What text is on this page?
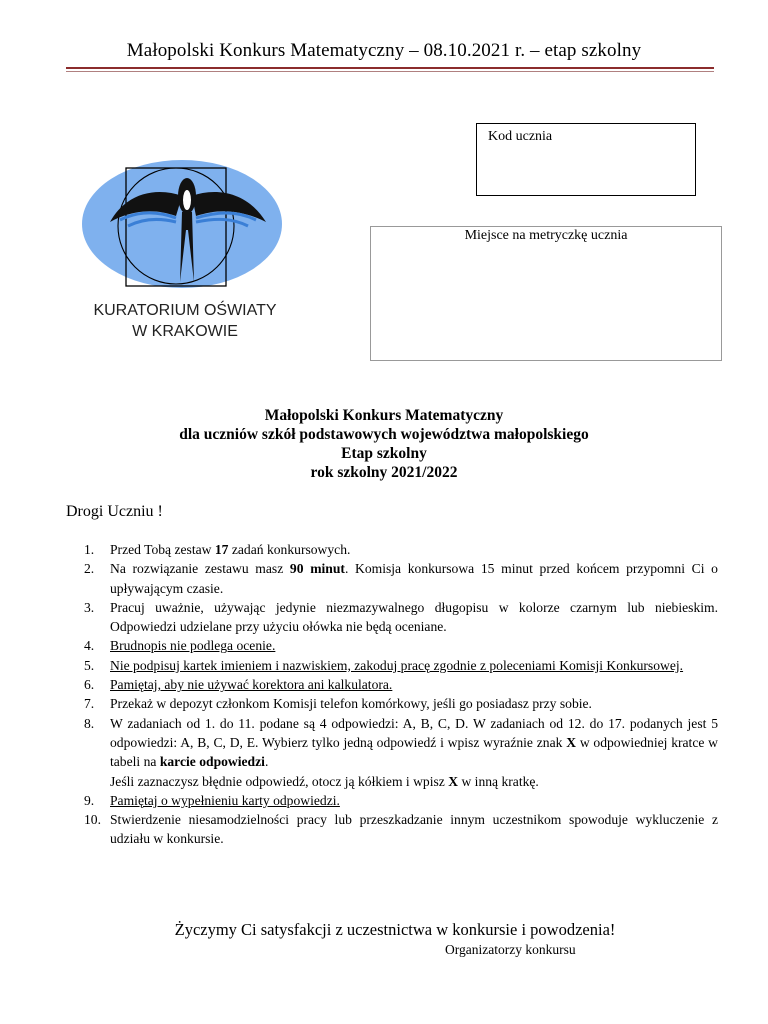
Małopolski Konkurs Matematyczny – 08.10.2021 r. – etap szkolny
KURATORIUM OŚWIATY
W KRAKOWIE
Kod ucznia
Miejsce na metryczkę ucznia
Małopolski Konkurs Matematyczny
dla uczniów szkół podstawowych województwa małopolskiego
Etap szkolny
rok szkolny 2021/2022
Drogi Uczniu !
1.	Przed Tobą zestaw 17 zadań konkursowych.
2.	Na rozwiązanie zestawu masz 90 minut. Komisja konkursowa 15 minut przed końcem przypomni Ci o upływającym czasie.
3.	Pracuj uważnie, używając jedynie niezmazywalnego długopisu w kolorze czarnym lub niebieskim. Odpowiedzi udzielane przy użyciu ołówka nie będą oceniane.
4.	Brudnopis nie podlega ocenie.
5.	Nie podpisuj kartek imieniem i nazwiskiem, zakoduj pracę zgodnie z poleceniami Komisji Konkursowej.
6.	Pamiętaj, aby nie używać korektora ani kalkulatora.
7.	Przekaż w depozyt członkom Komisji telefon komórkowy, jeśli go posiadasz przy sobie.
8.	W zadaniach od 1. do 11. podane są 4 odpowiedzi: A, B, C, D. W zadaniach od 12. do 17. podanych jest 5 odpowiedzi: A, B, C, D, E. Wybierz tylko jedną odpowiedź i wpisz wyraźnie znak X w odpowiedniej kratce w tabeli na karcie odpowiedzi.
Jeśli zaznaczysz błędnie odpowiedź, otocz ją kółkiem i wpisz X w inną kratkę.
9.	Pamiętaj o wypełnieniu karty odpowiedzi.
10. Stwierdzenie niesamodzielności pracy lub przeszkadzanie innym uczestnikom spowoduje wykluczenie z udziału w konkursie.
Życzymy Ci satysfakcji z uczestnictwa w konkursie i powodzenia!
Organizatorzy konkursu
